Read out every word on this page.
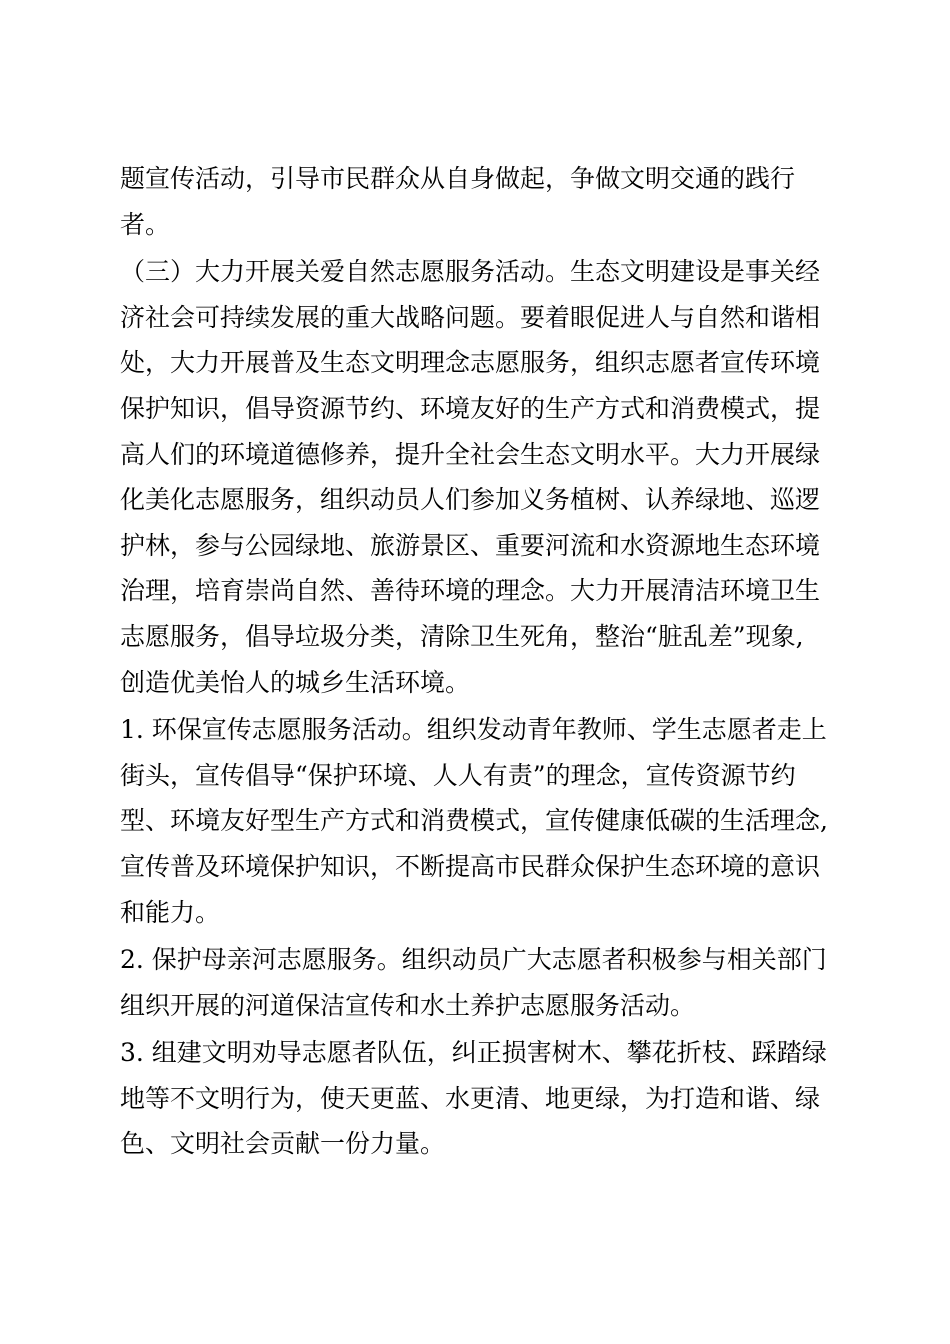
题宣传活动，引导市民群众从自身做起，争做文明交通的践行者。

（三）大力开展关爱自然志愿服务活动。生态文明建设是事关经济社会可持续发展的重大战略问题。要着眼促进人与自然和谐相处，大力开展普及生态文明理念志愿服务，组织志愿者宣传环境保护知识，倡导资源节约、环境友好的生产方式和消费模式，提高人们的环境道德修养，提升全社会生态文明水平。大力开展绿化美化志愿服务，组织动员人们参加义务植树、认养绿地、巡逻护林，参与公园绿地、旅游景区、重要河流和水资源地生态环境治理，培育崇尚自然、善待环境的理念。大力开展清洁环境卫生志愿服务，倡导垃圾分类，清除卫生死角，整治“脏乱差”现象, 创造优美怡人的城乡生活环境。

1. 环保宣传志愿服务活动。组织发动青年教师、学生志愿者走上街头，宣传倡导“保护环境、人人有责”的理念，宣传资源节约型、环境友好型生产方式和消费模式，宣传健康低碳的生活理念, 宣传普及环境保护知识，不断提高市民群众保护生态环境的意识和能力。

2. 保护母亲河志愿服务。组织动员广大志愿者积极参与相关部门组织开展的河道保洁宣传和水土养护志愿服务活动。

3. 组建文明劝导志愿者队伍，纠正损害树木、攀花折枝、踩踏绿地等不文明行为，使天更蓝、水更清、地更绿，为打造和谐、绿色、文明社会贡献一份力量。
